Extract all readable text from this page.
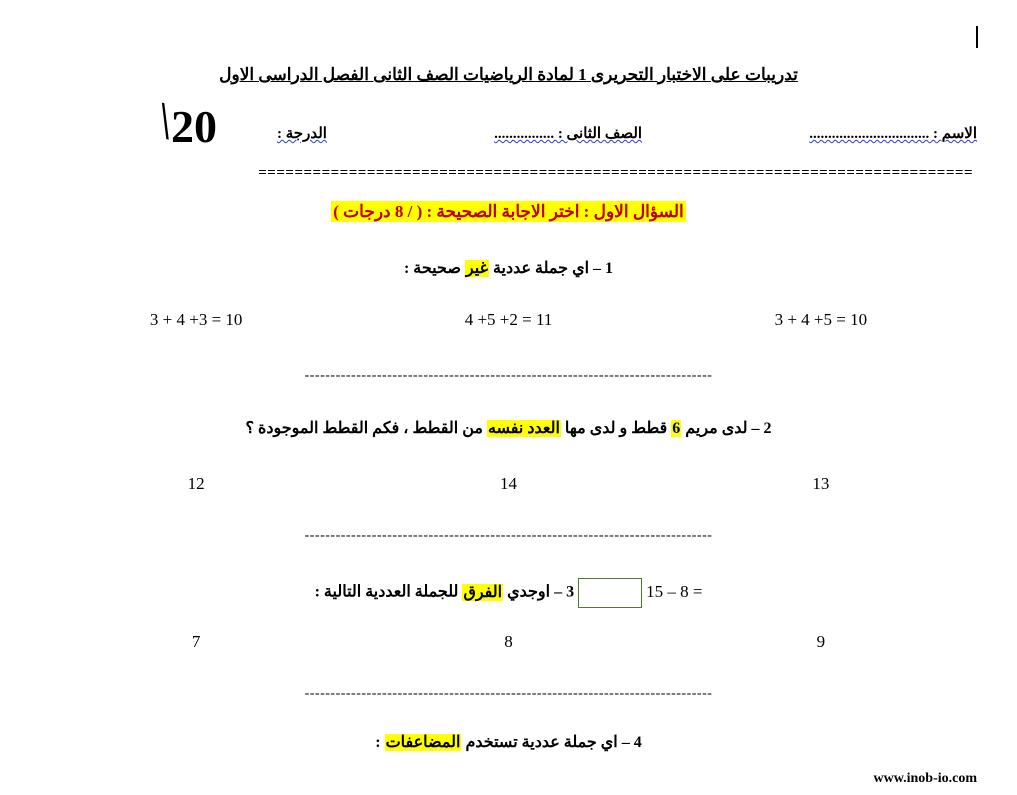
تدريبات على الاختبار التحريرى 1 لمادة الرياضيات الصف الثانى الفصل الدراسى الاول
20
\	الاسم : ................................
الصف الثانى : ................
الدرجة :
===============================================================================
السؤال الاول : اختر الاجابة الصحيحة : ( / 8 درجات )
1 – اي جملة عددية غير صحيحة :
3 + 4 +5 = 10
4 +5 +2 = 11
3 + 4 +3 = 10
-------------------------------------------------------------------------------
2 – لدى مريم 6 قطط و لدى مها العدد نفسه من القطط ، فكم القطط الموجودة ؟
13
14
12
-------------------------------------------------------------------------------
15 – 8 =  3 – اوجدي الفرق للجملة العددية التالية :
9
8
7
-------------------------------------------------------------------------------
4 – اي جملة عددية تستخدم المضاعفات :
www.inob-io.com
